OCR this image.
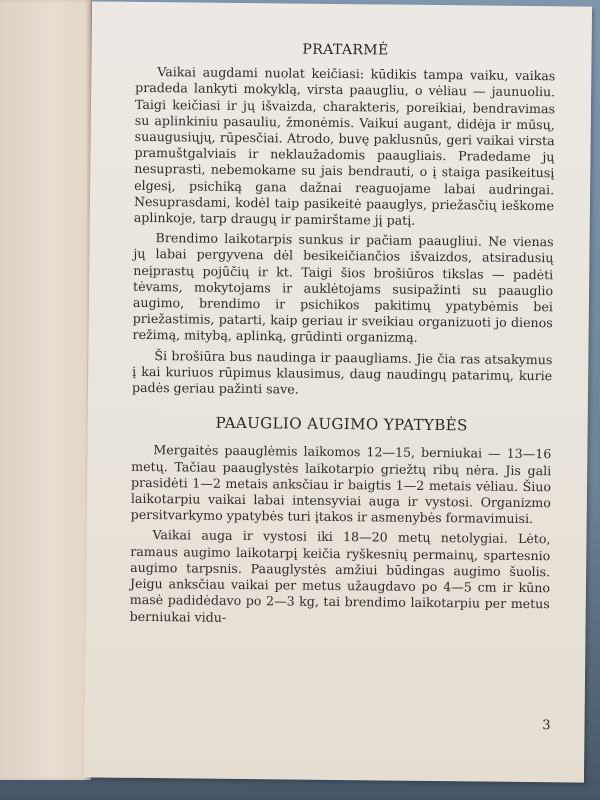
PRATARMĖ

Vaikai augdami nuolat keičiasi: kūdikis tampa vaiku, vaikas pradeda lankyti mokyklą, virsta paaugliu, o vėliau — jaunuoliu. Taigi keičiasi ir jų išvaizda, charakteris, poreikiai, bendravimas su aplinkiniu pasauliu, žmonėmis. Vaikui augant, didėja ir mūsų, suaugusiųjų, rūpesčiai. Atrodo, buvę paklusnūs, geri vaikai virsta pramuštgalviais ir neklaužadomis paaugliais. Pradedame jų nesuprasti, nebemokame su jais bendrauti, o į staiga pasikeitusį elgesį, psichiką gana dažnai reaguojame labai audringai. Nesuprasdami, kodėl taip pasikeitė paauglys, priežasčių ieškome aplinkoje, tarp draugų ir pamirštame jį patį.

Brendimo laikotarpis sunkus ir pačiam paaugliui. Ne vienas jų labai pergyvena dėl besikeičiančios išvaizdos, atsiradusių neįprastų pojūčių ir kt. Taigi šios brošiūros tikslas — padėti tėvams, mokytojams ir auklėtojams susipažinti su paauglio augimo, brendimo ir psichikos pakitimų ypatybėmis bei priežastimis, patarti, kaip geriau ir sveikiau organizuoti jo dienos režimą, mitybą, aplinką, grūdinti organizmą.

Ši brošiūra bus naudinga ir paaugliams. Jie čia ras atsakymus į kai kuriuos rūpimus klausimus, daug naudingų patarimų, kurie padės geriau pažinti save.

PAAUGLIO AUGIMO YPATYBĖS

Mergaitės paauglėmis laikomos 12—15, berniukai — 13—16 metų. Tačiau paauglystės laikotarpio griežtų ribų nėra. Jis gali prasidėti 1—2 metais anksčiau ir baigtis 1—2 metais vėliau. Šiuo laikotarpiu vaikai labai intensyviai auga ir vystosi. Organizmo persitvarkymo ypatybės turi įtakos ir asmenybės formavimuisi.

Vaikai auga ir vystosi iki 18—20 metų netolygiai. Lėto, ramaus augimo laikotarpį keičia ryškesnių permainų, spartesnio augimo tarpsnis. Paauglystės amžiui būdingas augimo šuolis. Jeigu anksčiau vaikai per metus užaugdavo po 4—5 cm ir kūno masė padidėdavo po 2—3 kg, tai brendimo laikotarpiu per metus berniukai vidu-

3
